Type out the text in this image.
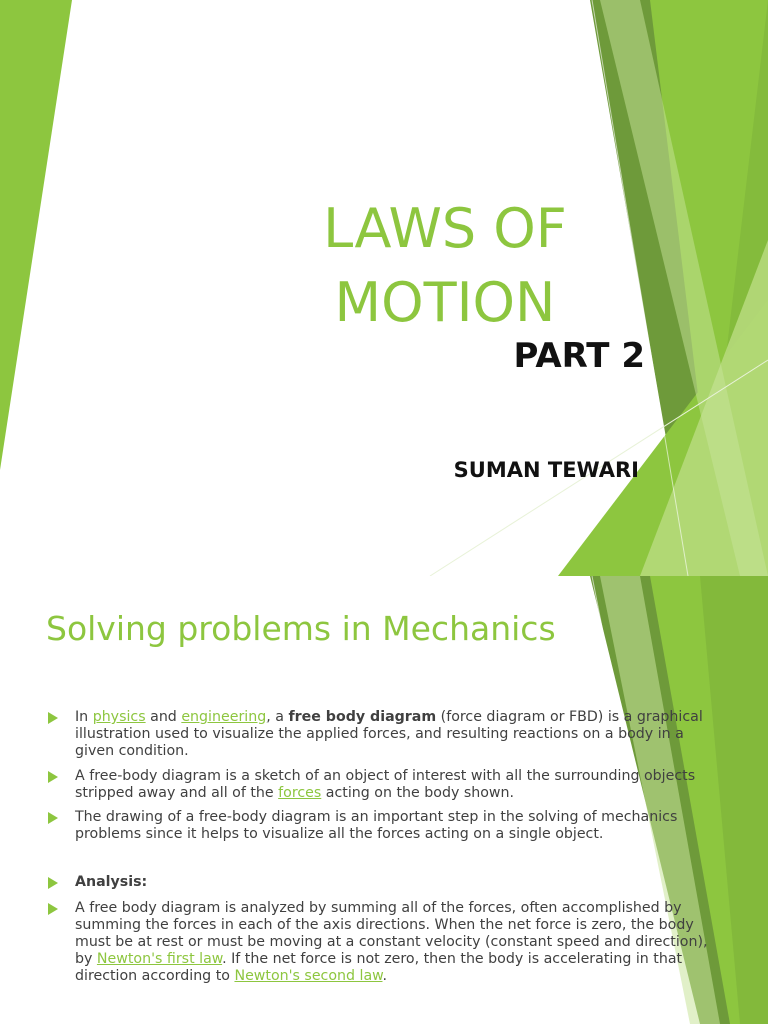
LAWS OF
MOTION
PART 2
SUMAN TEWARI
Solving problems in Mechanics
In physics and engineering, a free body diagram (force diagram or FBD) is a graphical illustration used to visualize the applied forces, and resulting reactions on a body in a given condition.
A free-body diagram is a sketch of an object of interest with all the surrounding objects stripped away and all of the forces acting on the body shown.
The drawing of a free-body diagram is an important step in the solving of mechanics problems since it helps to visualize all the forces acting on a single object.
Analysis:
A free body diagram is analyzed by summing all of the forces, often accomplished by summing the forces in each of the axis directions. When the net force is zero, the body must be at rest or must be moving at a constant velocity (constant speed and direction), by Newton's first law. If the net force is not zero, then the body is accelerating in that direction according to Newton's second law.
